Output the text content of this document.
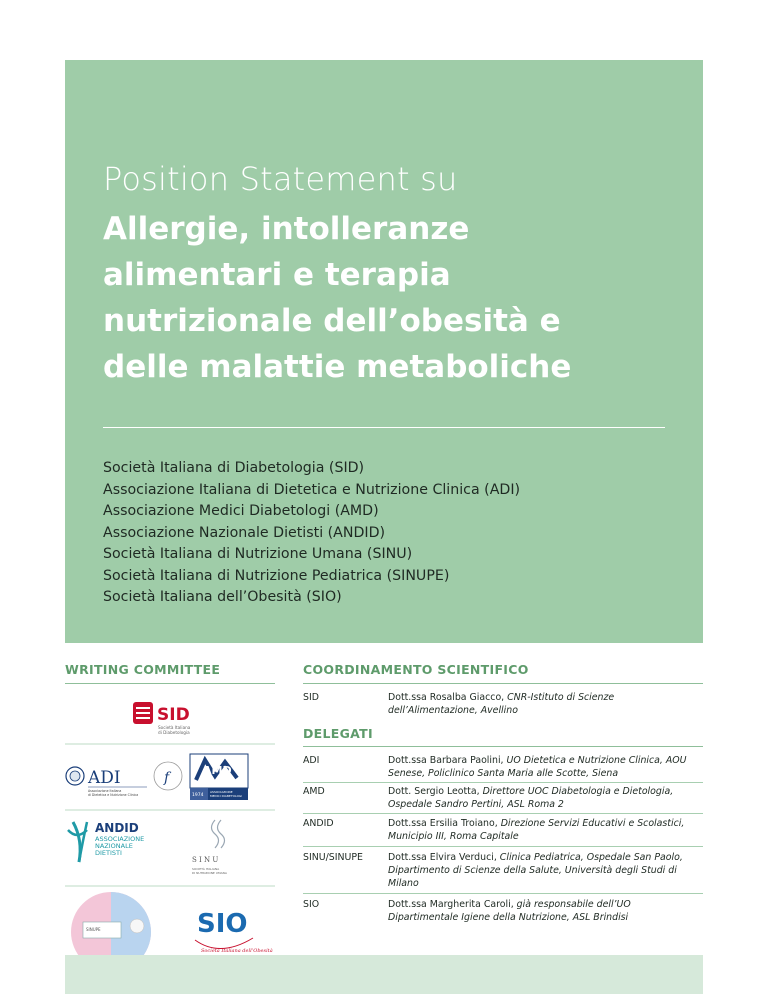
Position Statement su
Allergie, intolleranze
alimentari e terapia
nutrizionale dell’obesità e
delle malattie metaboliche
Società Italiana di Diabetologia (SID)
Associazione Italiana di Dietetica e Nutrizione Clinica (ADI)
Associazione Medici Diabetologi (AMD)
Associazione Nazionale Dietisti (ANDID)
Società Italiana di Nutrizione Umana (SINU)
Società Italiana di Nutrizione Pediatrica (SINUPE)
Società Italiana dell’Obesità (SIO)
WRITING COMMITTEE
SID
Società Italiana
di Diabetologia
ADI
Associazione Italiana
di Dietetica e Nutrizione Clinica
f	AMD
1974
ASSOCIAZIONE
MEDICI DIABETOLOGI
ANDID
ASSOCIAZIONE
NAZIONALE
DIETISTI
S I N U
SOCIETÀ ITALIANA
DI NUTRIZIONE UMANA
SINUPE	SIO
Società Italiana dell’Obesità
COORDINAMENTO SCIENTIFICO
SID	Dott.ssa Rosalba Giacco, CNR-Istituto di Scienze dell’Alimentazione, Avellino
DELEGATI
ADI	Dott.ssa Barbara Paolini, UO Dietetica e Nutrizione Clinica, AOU Senese, Policlinico Santa Maria alle Scotte, Siena
AMD	Dott. Sergio Leotta, Direttore UOC Diabetologia e Dietologia, Ospedale Sandro Pertini, ASL Roma 2
ANDID	Dott.ssa Ersilia Troiano, Direzione Servizi Educativi e Scolastici, Municipio III, Roma Capitale
SINU/SINUPE	Dott.ssa Elvira Verduci, Clinica Pediatrica, Ospedale San Paolo, Dipartimento di Scienze della Salute, Università degli Studi di Milano
SIO	Dott.ssa Margherita Caroli, già responsabile dell’UO Dipartimentale Igiene della Nutrizione, ASL Brindisi
